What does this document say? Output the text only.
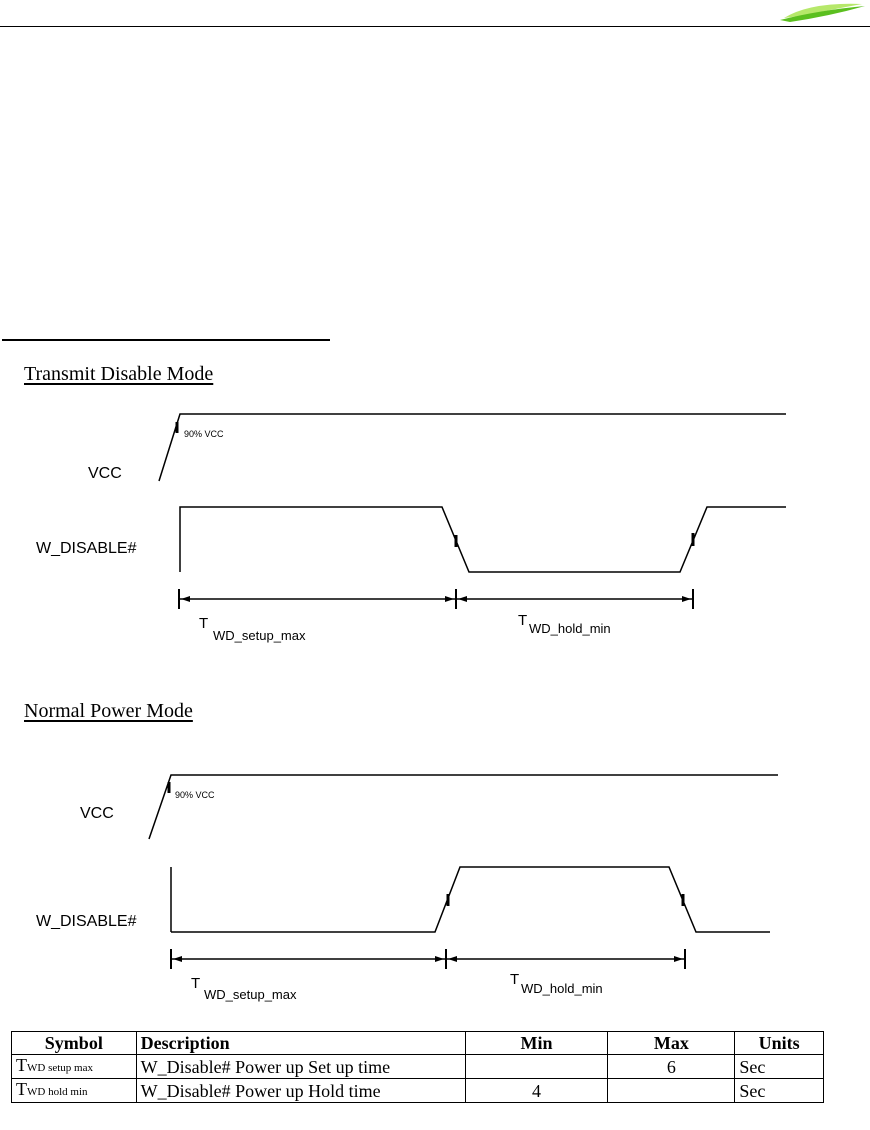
Transmit Disable Mode
VCC
90% VCC
W_DISABLE#
T
WD_setup_max
T WD_hold_min
Normal Power Mode
VCC
90% VCC
W_DISABLE#
T
WD_setup_max
T
WD_hold_min
Symbol	Description	Min	Max	Units
TWD setup max	W_Disable# Power up Set up time		6	Sec
TWD hold min	W_Disable# Power up Hold time	4		Sec
